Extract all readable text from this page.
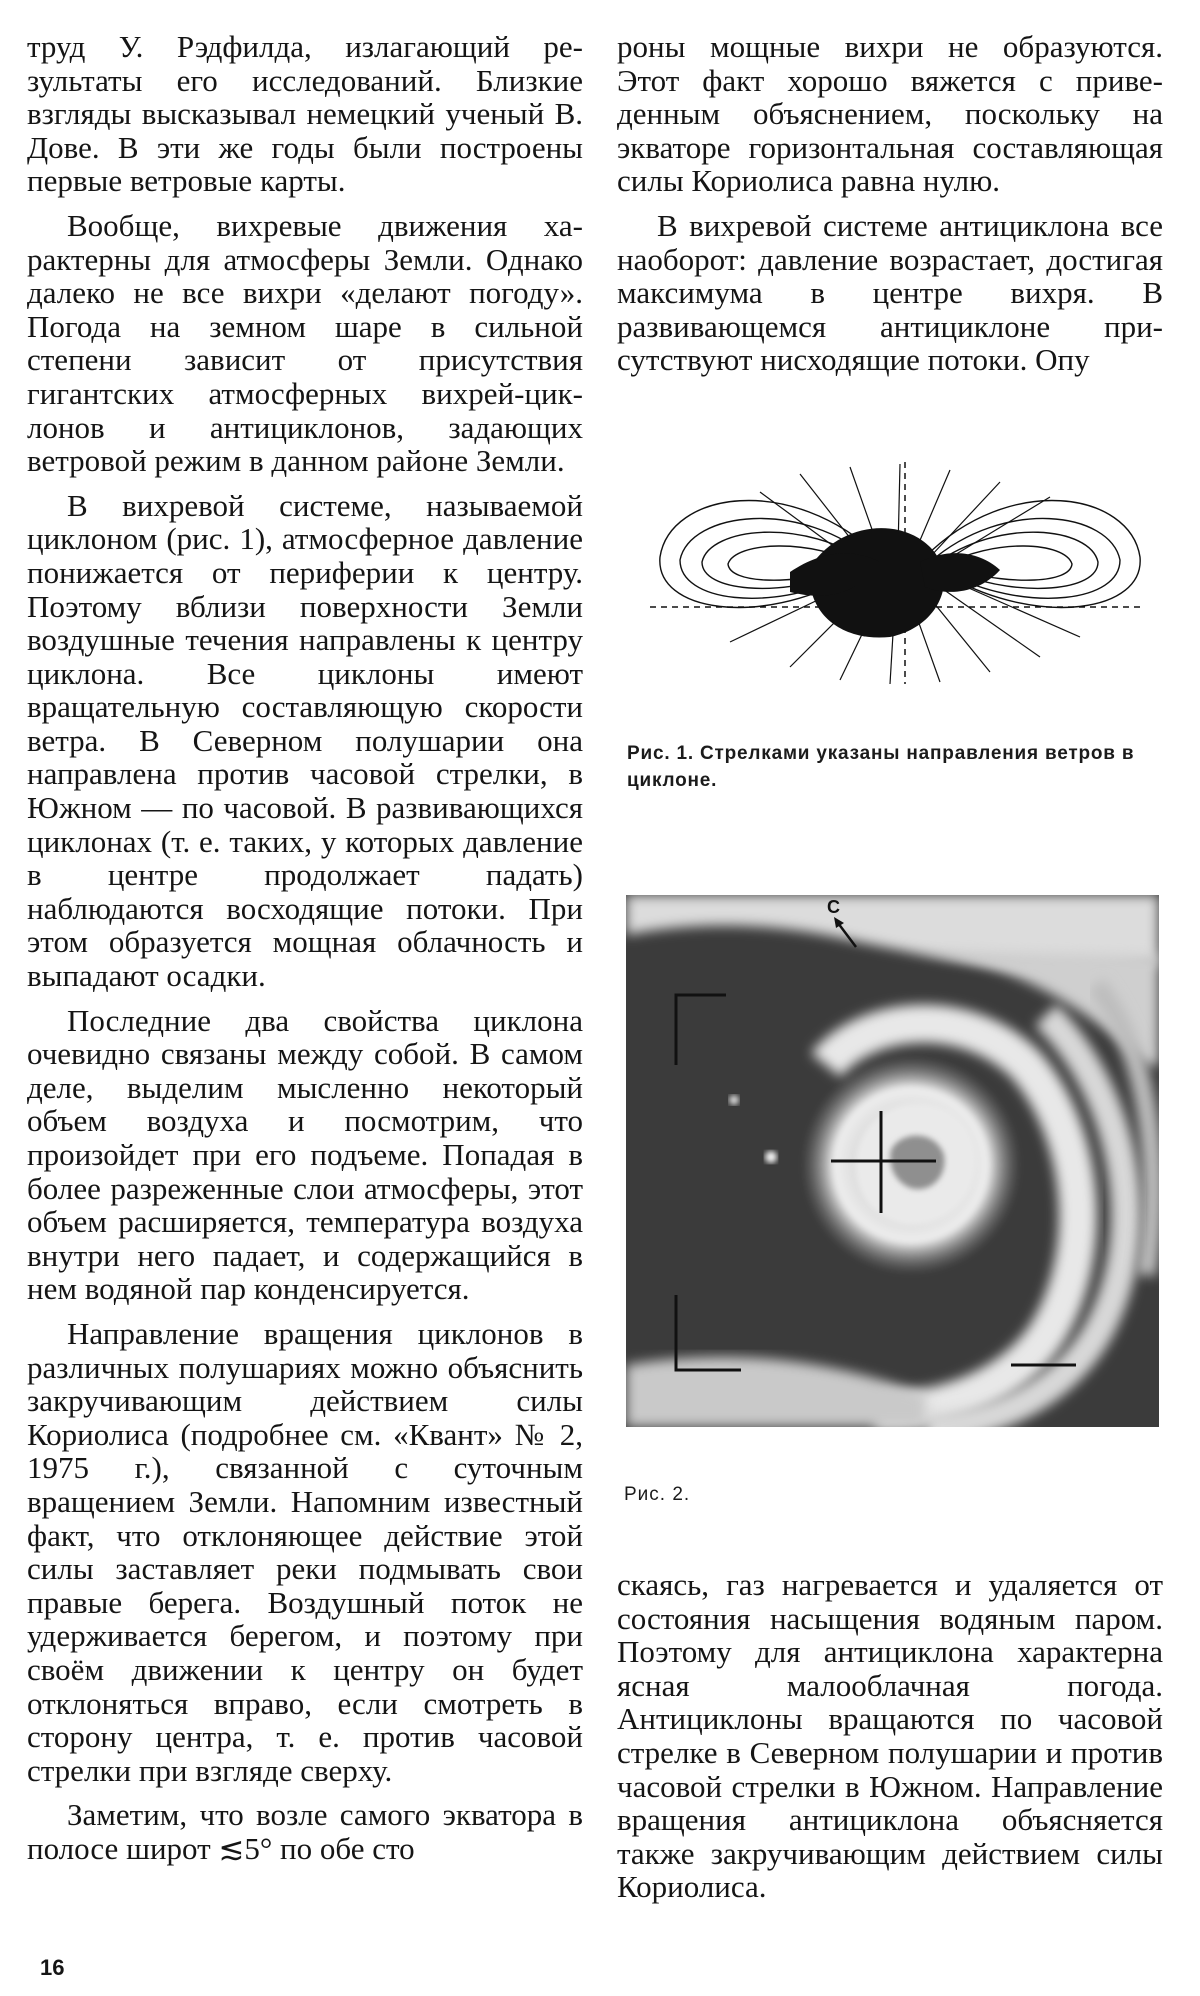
труд У. Рэдфилда, излагающий результаты его исследований. Близкие взгляды высказывал немецкий ученый В. Дове. В эти же годы были построены первые ветровые карты.

Вообще, вихревые движения характерны для атмосферы Земли. Однако далеко не все вихри «делают погоду». Погода на земном шаре в сильной степени зависит от присутствия гигантских атмосферных вихрей-циклонов и антициклонов, задающих ветровой режим в данном районе Земли.

В вихревой системе, называемой циклоном (рис. 1), атмосферное давление понижается от периферии к центру. Поэтому вблизи поверхности Земли воздушные течения направлены к центру циклона. Все циклоны имеют вращательную составляющую скорости ветра. В Северном полушарии она направлена против часовой стрелки, в Южном — по часовой. В развивающихся циклонах (т. е. таких, у которых давление в центре продолжает падать) наблюдаются восходящие потоки. При этом образуется мощная облачность и выпадают осадки.

Последние два свойства циклона очевидно связаны между собой. В самом деле, выделим мысленно некоторый объем воздуха и посмотрим, что произойдет при его подъеме. Попадая в более разреженные слои атмосферы, этот объем расширяется, температура воздуха внутри него падает, и содержащийся в нем водяной пар конденсируется.

Направление вращения циклонов в различных полушариях можно объяснить закручивающим действием силы Кориолиса (подробнее см. «Квант» № 2, 1975 г.), связанной с суточным вращением Земли. Напомним известный факт, что отклоняющее действие этой силы заставляет реки подмывать свои правые берега. Воздушный поток не удерживается берегом, и поэтому при своём движении к центру он будет отклоняться вправо, если смотреть в сторону центра, т. е. против часовой стрелки при взгляде сверху.

Заметим, что возле самого экватора в полосе широт ≲5° по обе сто

роны мощные вихри не образуются. Этот факт хорошо вяжется с приведенным объяснением, поскольку на экваторе горизонтальная составляющая силы Кориолиса равна нулю.

В вихревой системе антициклона все наоборот: давление возрастает, достигая максимума в центре вихря. В развивающемся антициклоне присутствуют нисходящие потоки. Опу

Рис. 1. Стрелками указаны направления ветров в циклоне.
С
Рис. 2.

скаясь, газ нагревается и удаляется от состояния насыщения водяным паром. Поэтому для антициклона характерна ясная малооблачная погода. Антициклоны вращаются по часовой стрелке в Северном полушарии и против часовой стрелки в Южном. Направление вращения антициклона объясняется также закручивающим действием силы Кориолиса.

16
